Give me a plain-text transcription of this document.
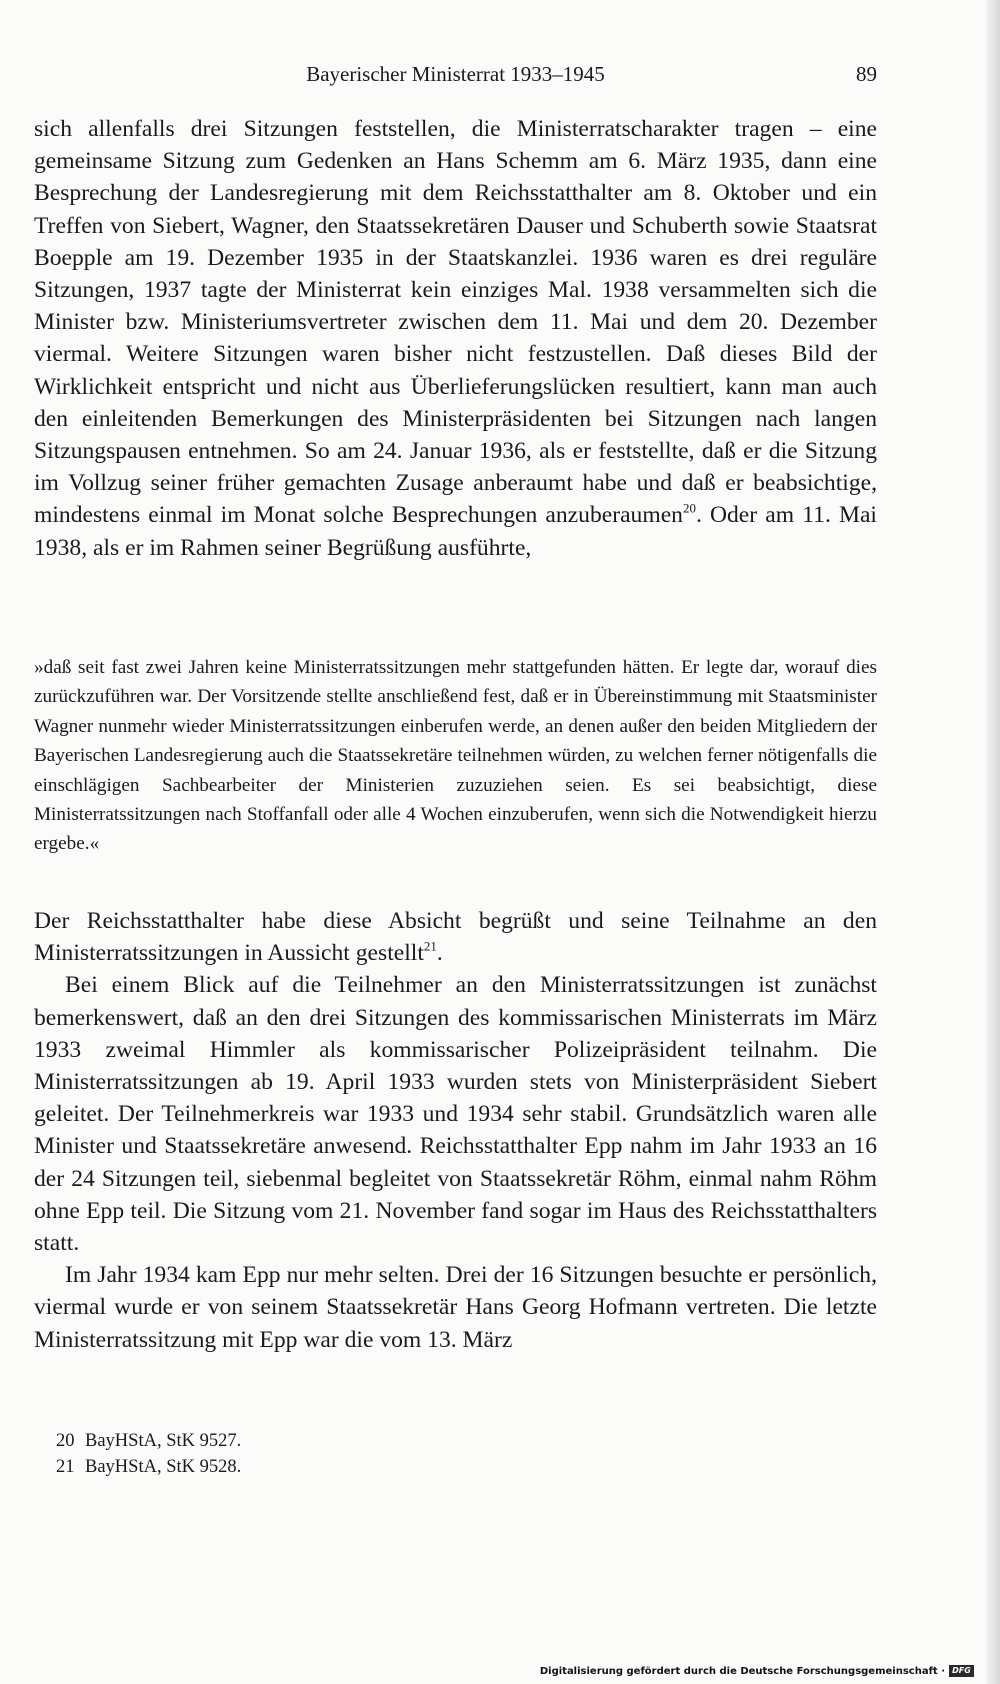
Bayerischer Ministerrat 1933–1945	89

sich allenfalls drei Sitzungen feststellen, die Ministerratscharakter tragen – eine gemeinsame Sitzung zum Gedenken an Hans Schemm am 6. März 1935, dann eine Besprechung der Landesregierung mit dem Reichsstatthalter am 8. Oktober und ein Treffen von Siebert, Wagner, den Staatssekretären Dauser und Schuberth sowie Staatsrat Boepple am 19. Dezember 1935 in der Staatskanzlei. 1936 waren es drei reguläre Sitzungen, 1937 tagte der Ministerrat kein einziges Mal. 1938 versammelten sich die Minister bzw. Ministeriumsvertreter zwischen dem 11. Mai und dem 20. Dezember viermal. Weitere Sitzungen waren bisher nicht festzustellen. Daß dieses Bild der Wirklichkeit entspricht und nicht aus Überlieferungslücken resultiert, kann man auch den einleitenden Bemerkungen des Ministerpräsidenten bei Sitzungen nach langen Sitzungspausen entnehmen. So am 24. Januar 1936, als er feststellte, daß er die Sitzung im Vollzug seiner früher gemachten Zusage anberaumt habe und daß er beabsichtige, mindestens einmal im Monat solche Besprechungen anzuberaumen$^{20}$. Oder am 11. Mai 1938, als er im Rahmen seiner Begrüßung ausführte,

»daß seit fast zwei Jahren keine Ministerratssitzungen mehr stattgefunden hätten. Er legte dar, worauf dies zurückzuführen war. Der Vorsitzende stellte anschließend fest, daß er in Übereinstimmung mit Staatsminister Wagner nunmehr wieder Ministerratssitzungen einberufen werde, an denen außer den beiden Mitgliedern der Bayerischen Landesregierung auch die Staatssekretäre teilnehmen würden, zu welchen ferner nötigenfalls die einschlägigen Sachbearbeiter der Ministerien zuzuziehen seien. Es sei beabsichtigt, diese Ministerratssitzungen nach Stoffanfall oder alle 4 Wochen einzuberufen, wenn sich die Notwendigkeit hierzu ergebe.«

Der Reichsstatthalter habe diese Absicht begrüßt und seine Teilnahme an den Ministerratssitzungen in Aussicht gestellt$^{21}$.

Bei einem Blick auf die Teilnehmer an den Ministerratssitzungen ist zunächst bemerkenswert, daß an den drei Sitzungen des kommissarischen Ministerrats im März 1933 zweimal Himmler als kommissarischer Polizeipräsident teilnahm. Die Ministerratssitzungen ab 19. April 1933 wurden stets von Ministerpräsident Siebert geleitet. Der Teilnehmerkreis war 1933 und 1934 sehr stabil. Grundsätzlich waren alle Minister und Staatssekretäre anwesend. Reichsstatthalter Epp nahm im Jahr 1933 an 16 der 24 Sitzungen teil, siebenmal begleitet von Staatssekretär Röhm, einmal nahm Röhm ohne Epp teil. Die Sitzung vom 21. November fand sogar im Haus des Reichsstatthalters statt.

Im Jahr 1934 kam Epp nur mehr selten. Drei der 16 Sitzungen besuchte er persönlich, viermal wurde er von seinem Staatssekretär Hans Georg Hofmann vertreten. Die letzte Ministerratssitzung mit Epp war die vom 13. März

20 BayHStA, StK 9527.
21 BayHStA, StK 9528.
Digitalisierung gefördert durch die Deutsche Forschungsgemeinschaft · DFG
